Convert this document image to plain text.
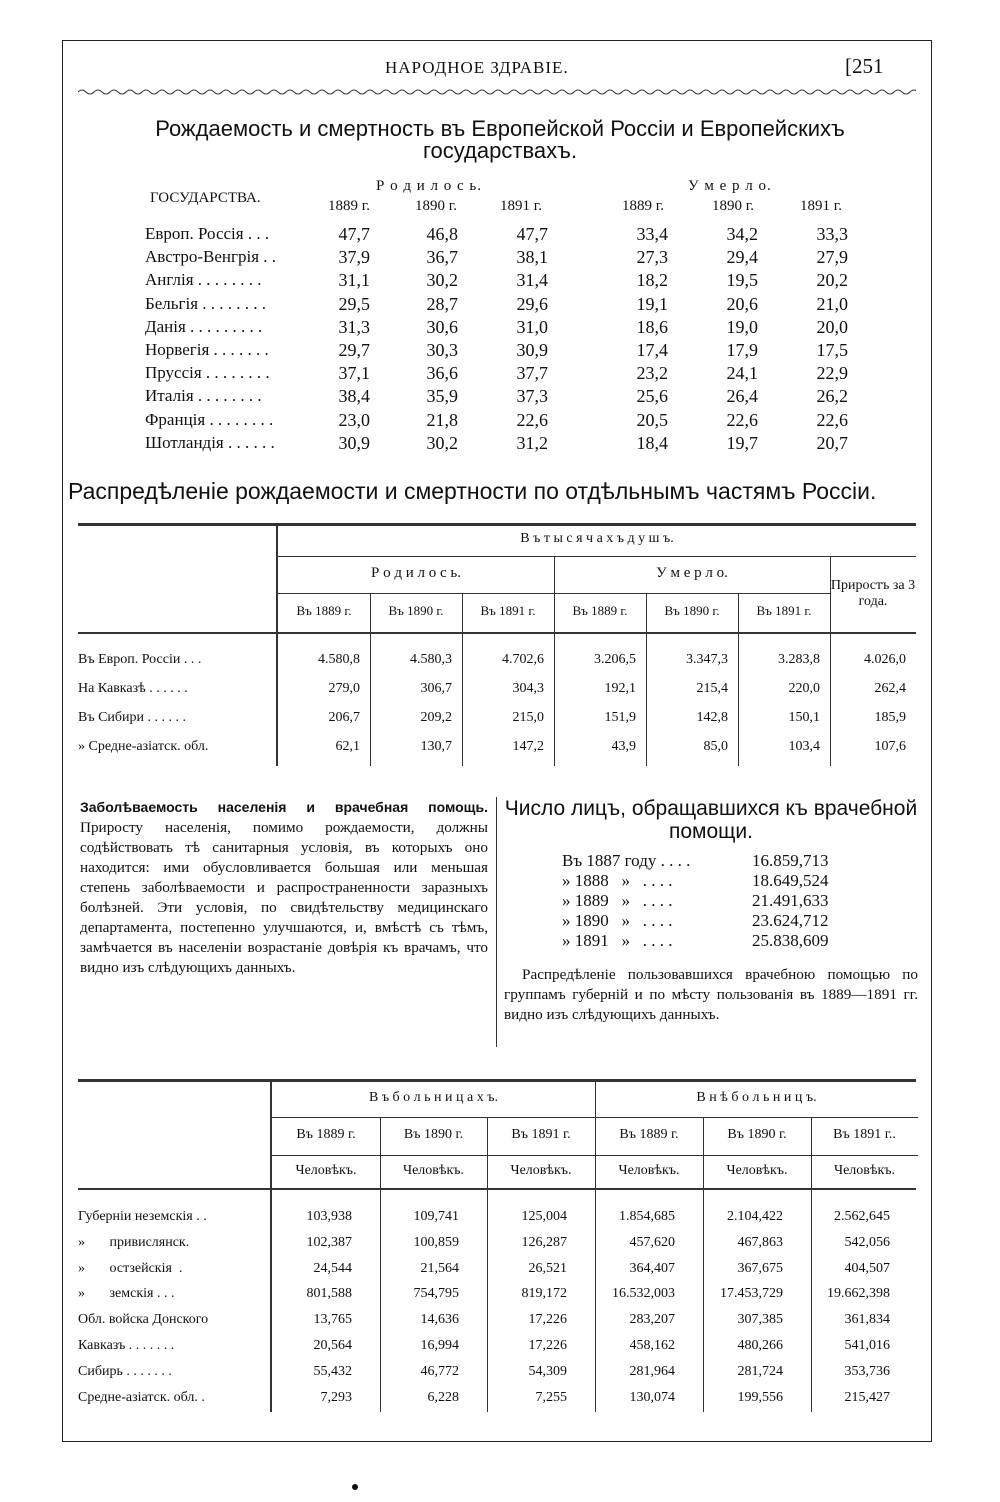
НАРОДНОЕ ЗДРАВІЕ.	[251
Рождаемость и смертность въ Европейской Россіи и Европейскихъ государствахъ.
ГОСУДАРСТВА.
Р о д и л о с ь.	У м е р л о.
1889 г.	1890 г.	1891 г.	1889 г.	1890 г.	1891 г.
Европ. Россія . . .	47,7	46,8	47,7	33,4	34,2	33,3
Австро-Венгрія . .	37,9	36,7	38,1	27,3	29,4	27,9
Англія . . . . . . . .	31,1	30,2	31,4	18,2	19,5	20,2
Бельгія . . . . . . . .	29,5	28,7	29,6	19,1	20,6	21,0
Данія . . . . . . . . .	31,3	30,6	31,0	18,6	19,0	20,0
Норвегія . . . . . . .	29,7	30,3	30,9	17,4	17,9	17,5
Пруссія . . . . . . . .	37,1	36,6	37,7	23,2	24,1	22,9
Италія . . . . . . . .	38,4	35,9	37,3	25,6	26,4	26,2
Франція . . . . . . . .	23,0	21,8	22,6	20,5	22,6	22,6
Шотландія . . . . . .	30,9	30,2	31,2	18,4	19,7	20,7
Распредѣленіе рождаемости и смертности по отдѣльнымъ частямъ Россіи.
В ъ т ы с я ч а х ъ д у ш ъ.
Р о д и л о с ь.	У м е р л о.
Приростъ за 3 года.
Въ 1889 г.	Въ 1890 г.	Въ 1891 г.	Въ 1889 г.	Въ 1890 г.	Въ 1891 г.
Въ Европ. Россіи . . .	4.580,8	4.580,3	4.702,6	3.206,5	3.347,3	3.283,8	4.026,0
На Кавказѣ . . . . . .	279,0	306,7	304,3	192,1	215,4	220,0	262,4
Въ Сибири . . . . . .	206,7	209,2	215,0	151,9	142,8	150,1	185,9
» Средне-азіатск. обл.	62,1	130,7	147,2	43,9	85,0	103,4	107,6
Заболѣваемость населенія и врачебная помощь. Приросту населенія, помимо рождаемости, должны содѣйствовать тѣ санитарныя условія, въ которыхъ оно находится: ими обусловливается большая или меньшая степень заболѣваемости и распространенности заразныхъ болѣзней. Эти условія, по свидѣтельству медицинскаго департамента, постепенно улучшаются, и, вмѣстѣ съ тѣмъ, замѣчается въ населеніи возрастаніе довѣрія къ врачамъ, что видно изъ слѣдующихъ данныхъ.
Число лицъ, обращавшихся къ врачебной помощи.
Въ 1887 году . . . .	16.859,713
» 1888   »   . . . .	18.649,524
» 1889   »   . . . .	21.491,633
» 1890   »   . . . .	23.624,712
» 1891   »   . . . .	25.838,609
Распредѣленіе пользовавшихся врачебною помощью по группамъ губерній и по мѣсту пользованія въ 1889—1891 гг. видно изъ слѣдующихъ данныхъ.
В ъ б о л ь н и ц а х ъ.	В н ѣ б о л ь н и ц ъ.
Въ 1889 г.
Человѣкъ.
Въ 1890 г.
Человѣкъ.
Въ 1891 г.
Человѣкъ.
Въ 1889 г.
Человѣкъ.
Въ 1890 г.
Человѣкъ.
Въ 1891 г..
Человѣкъ.
Губерніи неземскія . .	103,938	109,741	125,004	1.854,685	2.104,422	2.562,645
»       привислянск.	102,387	100,859	126,287	457,620	467,863	542,056
»       остзейскія  .	24,544	21,564	26,521	364,407	367,675	404,507
»       земскія . . .	801,588	754,795	819,172	16.532,003	17.453,729	19.662,398
Обл. войска Донского	13,765	14,636	17,226	283,207	307,385	361,834
Кавказъ . . . . . . .	20,564	16,994	17,226	458,162	480,266	541,016
Сибирь . . . . . . .	55,432	46,772	54,309	281,964	281,724	353,736
Средне-азіатск. обл. .	7,293	6,228	7,255	130,074	199,556	215,427
